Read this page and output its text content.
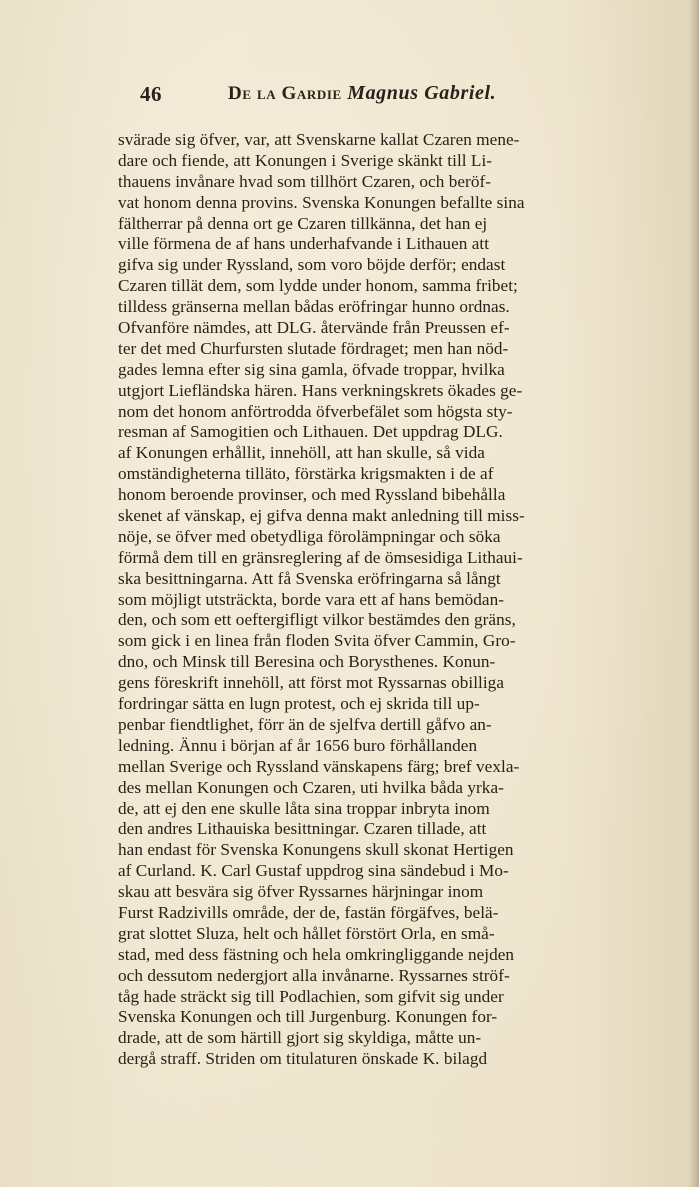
46	De la Gardie Magnus Gabriel.
svärade sig öfver, var, att Svenskarne kallat Czaren mene-
dare och fiende, att Konungen i Sverige skänkt till Li-
thauens invånare hvad som tillhört Czaren, och beröf-
vat honom denna provins. Svenska Konungen befallte sina
fältherrar på denna ort ge Czaren tillkänna, det han ej
ville förmena de af hans underhafvande i Lithauen att
gifva sig under Ryssland, som voro böjde derför; endast
Czaren tillät dem, som lydde under honom, samma fribet;
tilldess gränserna mellan bådas eröfringar hunno ordnas.
Ofvanföre nämdes, att DLG. återvände från Preussen ef-
ter det med Churfursten slutade fördraget; men han nöd-
gades lemna efter sig sina gamla, öfvade troppar, hvilka
utgjort Liefländska hären. Hans verkningskrets ökades ge-
nom det honom anförtrodda öfverbefälet som högsta sty-
resman af Samogitien och Lithauen. Det uppdrag DLG.
af Konungen erhållit, innehöll, att han skulle, så vida
omständigheterna tilläto, förstärka krigsmakten i de af
honom beroende provinser, och med Ryssland bibehålla
skenet af vänskap, ej gifva denna makt anledning till miss-
nöje, se öfver med obetydliga förolämpningar och söka
förmå dem till en gränsreglering af de ömsesidiga Lithaui-
ska besittningarna. Att få Svenska eröfringarna så långt
som möjligt utsträckta, borde vara ett af hans bemödan-
den, och som ett oeftergifligt vilkor bestämdes den gräns,
som gick i en linea från floden Svita öfver Cammin, Gro-
dno, och Minsk till Beresina och Borysthenes. Konun-
gens föreskrift innehöll, att först mot Ryssarnas obilliga
fordringar sätta en lugn protest, och ej skrida till up-
penbar fiendtlighet, förr än de sjelfva dertill gåfvo an-
ledning. Ännu i början af år 1656 buro förhållanden
mellan Sverige och Ryssland vänskapens färg; bref vexla-
des mellan Konungen och Czaren, uti hvilka båda yrka-
de, att ej den ene skulle låta sina troppar inbryta inom
den andres Lithauiska besittningar. Czaren tillade, att
han endast för Svenska Konungens skull skonat Hertigen
af Curland. K. Carl Gustaf uppdrog sina sändebud i Mo-
skau att besvära sig öfver Ryssarnes härjningar inom
Furst Radzivills område, der de, fastän förgäfves, belä-
grat slottet Sluza, helt och hållet förstört Orla, en små-
stad, med dess fästning och hela omkringliggande nejden
och dessutom nedergjort alla invånarne. Ryssarnes ströf-
tåg hade sträckt sig till Podlachien, som gifvit sig under
Svenska Konungen och till Jurgenburg. Konungen for-
drade, att de som härtill gjort sig skyldiga, måtte un-
dergå straff. Striden om titulaturen önskade K. bilagd
